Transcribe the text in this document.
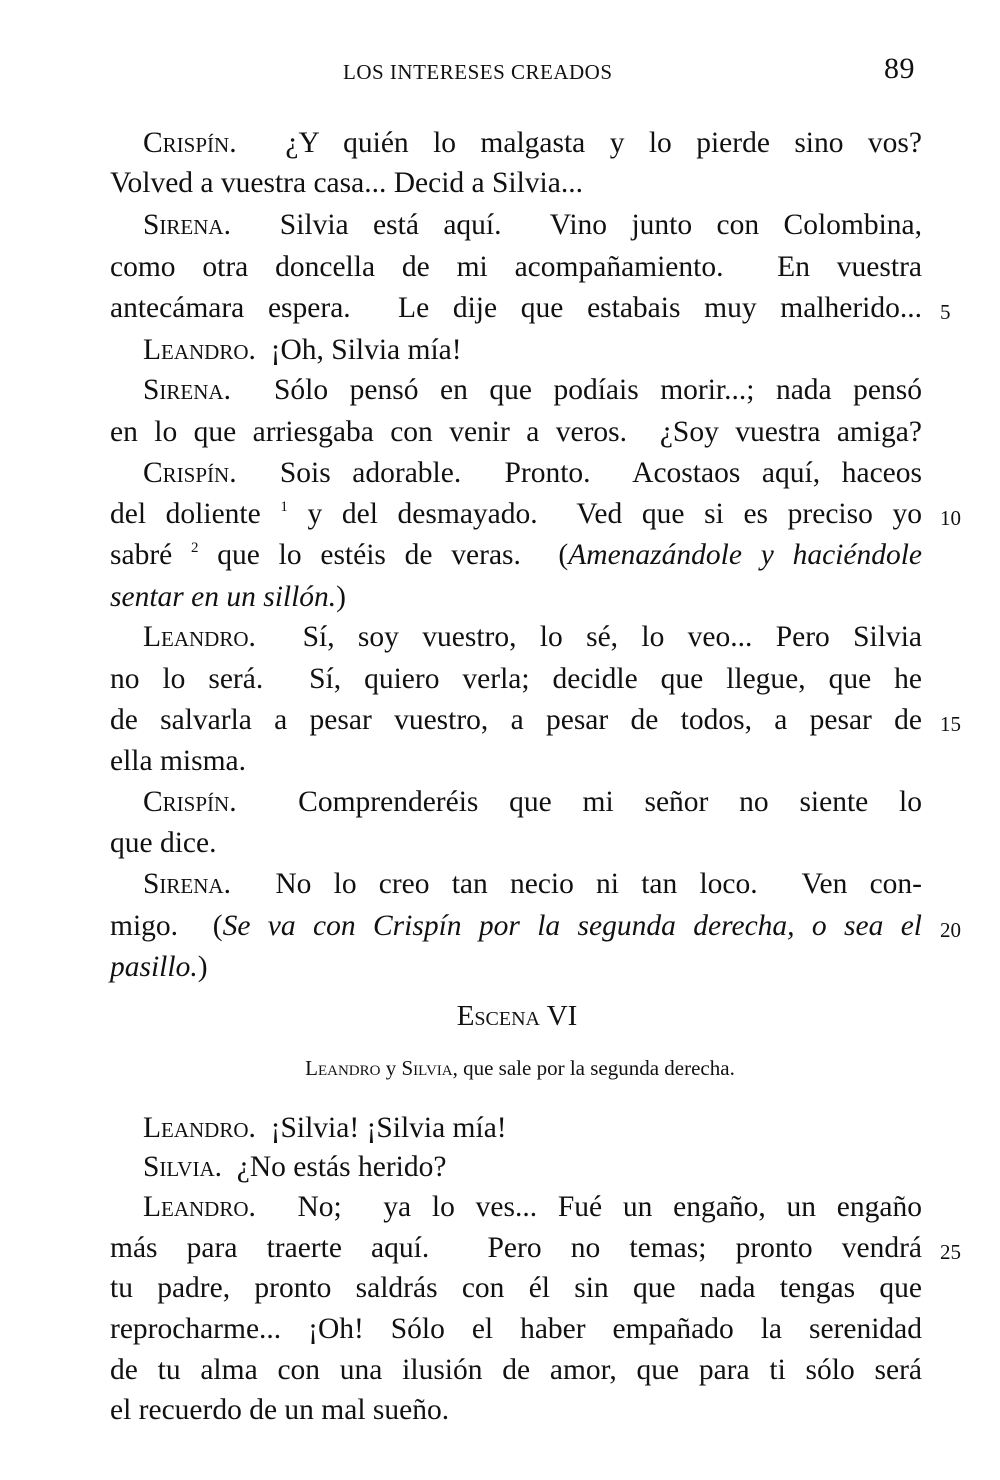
LOS INTERESES CREADOS	89
Crispín.  ¿Y quién lo malgasta y lo pierde sino vos?
Volved a vuestra casa... Decid a Silvia...
Sirena.  Silvia está aquí.  Vino junto con Colombina,
como otra doncella de mi acompañamiento.  En vuestra
antecámara espera.  Le dije que estabais muy malherido... 5
Leandro.  ¡Oh, Silvia mía!
Sirena.  Sólo pensó en que podíais morir...; nada pensó
en lo que arriesgaba con venir a veros.  ¿Soy vuestra amiga?
Crispín.  Sois adorable.  Pronto.  Acostaos aquí, haceos
del doliente $^1$ y del desmayado.  Ved que si es preciso yo 10
sabré $^2$ que lo estéis de veras.  (Amenazándole y haciéndole
sentar en un sillón.)
Leandro.  Sí, soy vuestro, lo sé, lo veo... Pero Silvia
no lo será.  Sí, quiero verla; decidle que llegue, que he
de salvarla a pesar vuestro, a pesar de todos, a pesar de 15
ella misma.
Crispín.  Comprenderéis que mi señor no siente lo
que dice.
Sirena.  No lo creo tan necio ni tan loco.  Ven con-
migo.  (Se va con Crispín por la segunda derecha, o sea el 20
pasillo.)
Leandro.  ¡Silvia! ¡Silvia mía!
Silvia.  ¿No estás herido?
Leandro.  No;  ya lo ves... Fué un engaño, un engaño
más para traerte aquí.  Pero no temas; pronto vendrá 25
tu padre, pronto saldrás con él sin que nada tengas que
reprocharme... ¡Oh! Sólo el haber empañado la serenidad
de tu alma con una ilusión de amor, que para ti sólo será
el recuerdo de un mal sueño.
Escena VI
Leandro y Silvia, que sale por la segunda derecha.
